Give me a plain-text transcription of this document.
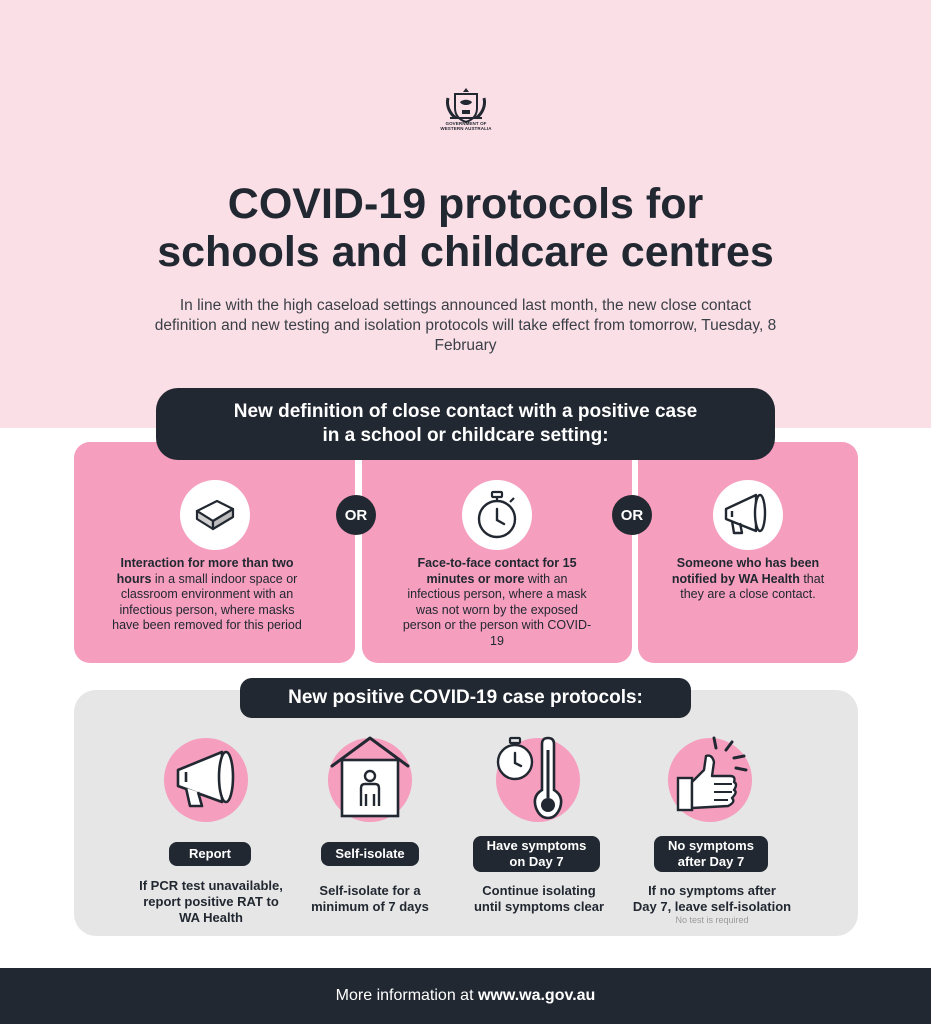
GOVERNMENT OF
WESTERN AUSTRALIA
COVID-19 protocols for
schools and childcare centres
In line with the high caseload settings announced last month, the new close contact definition and new testing and isolation protocols will take effect from tomorrow, Tuesday, 8 February
New definition of close contact with a positive case
in a school or childcare setting:
Interaction for more than two hours in a small indoor space or classroom environment with an infectious person, where masks have been removed for this period
Face-to-face contact for 15 minutes or more with an infectious person, where a mask was not worn by the exposed person or the person with COVID-19
Someone who has been notified by WA Health that they are a close contact.
OR	OR
New positive COVID-19 case protocols:
Report
If PCR test unavailable,
report positive RAT to
WA Health
Self-isolate
Self-isolate for a
minimum of 7 days
Have symptoms
on Day 7
Continue isolating
until symptoms clear
No symptoms
after Day 7
If no symptoms after
Day 7, leave self-isolation
No test is required
More information at www.wa.gov.au
